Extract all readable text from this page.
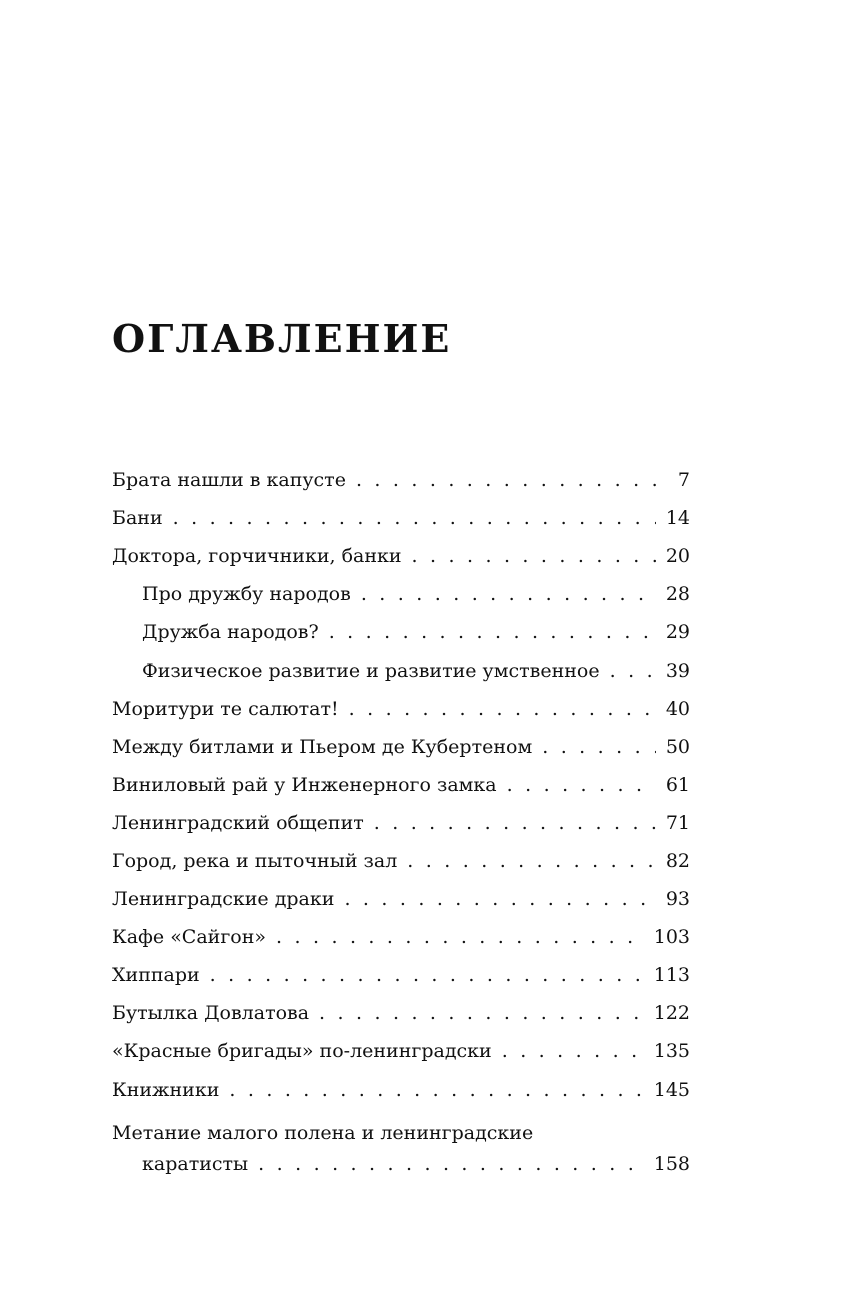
ОГЛАВЛЕНИЕ
Брата нашли в капусте . . .	7
Бани . . .	14
Доктора, горчичники, банки . . .	20
Про дружбу народов . . .	28
Дружба народов? . . .	29
Физическое развитие и развитие умственное . . .	39
Моритури те салютат! . . .	40
Между битлами и Пьером де Кубертеном . . .	50
Виниловый рай у Инженерного замка . . .	61
Ленинградский общепит . . .	71
Город, река и пыточный зал . . .	82
Ленинградские драки . . .	93
Кафе «Сайгон» . . .	103
Хиппари . . .	113
Бутылка Довлатова . . .	122
«Красные бригады» по-ленинградски . . .	135
Книжники . . .	145
Метание малого полена и ленинградские
каратисты . . .	158
